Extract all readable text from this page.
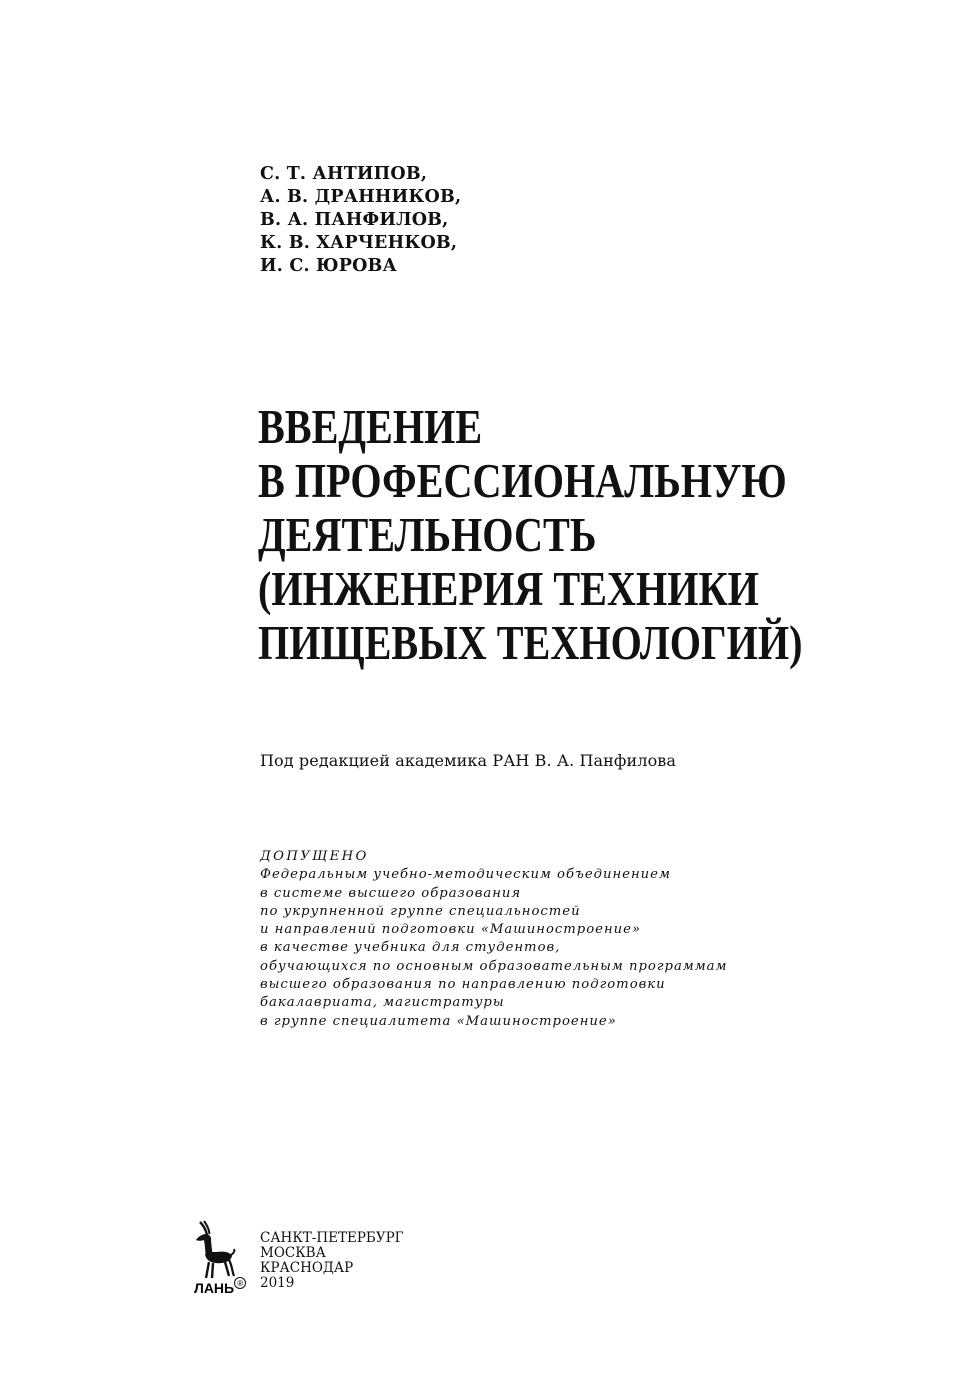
С. Т. АНТИПОВ,
А. В. ДРАННИКОВ,
В. А. ПАНФИЛОВ,
К. В. ХАРЧЕНКОВ,
И. С. ЮРОВА
ВВЕДЕНИЕ
В ПРОФЕССИОНАЛЬНУЮ
ДЕЯТЕЛЬНОСТЬ
(ИНЖЕНЕРИЯ ТЕХНИКИ
ПИЩЕВЫХ ТЕХНОЛОГИЙ)
Под редакцией академика РАН В. А. Панфилова
ДОПУЩЕНО
Федеральным учебно-методическим объединением
в системе высшего образования
по укрупненной группе специальностей
и направлений подготовки «Машиностроение»
в качестве учебника для студентов,
обучающихся по основным образовательным программам
высшего образования по направлению подготовки
бакалавриата, магистратуры
в группе специалитета «Машиностроение»
ЛАНЬ ®
САНКТ-ПЕТЕРБУРГ
МОСКВА
КРАСНОДАР
2019
